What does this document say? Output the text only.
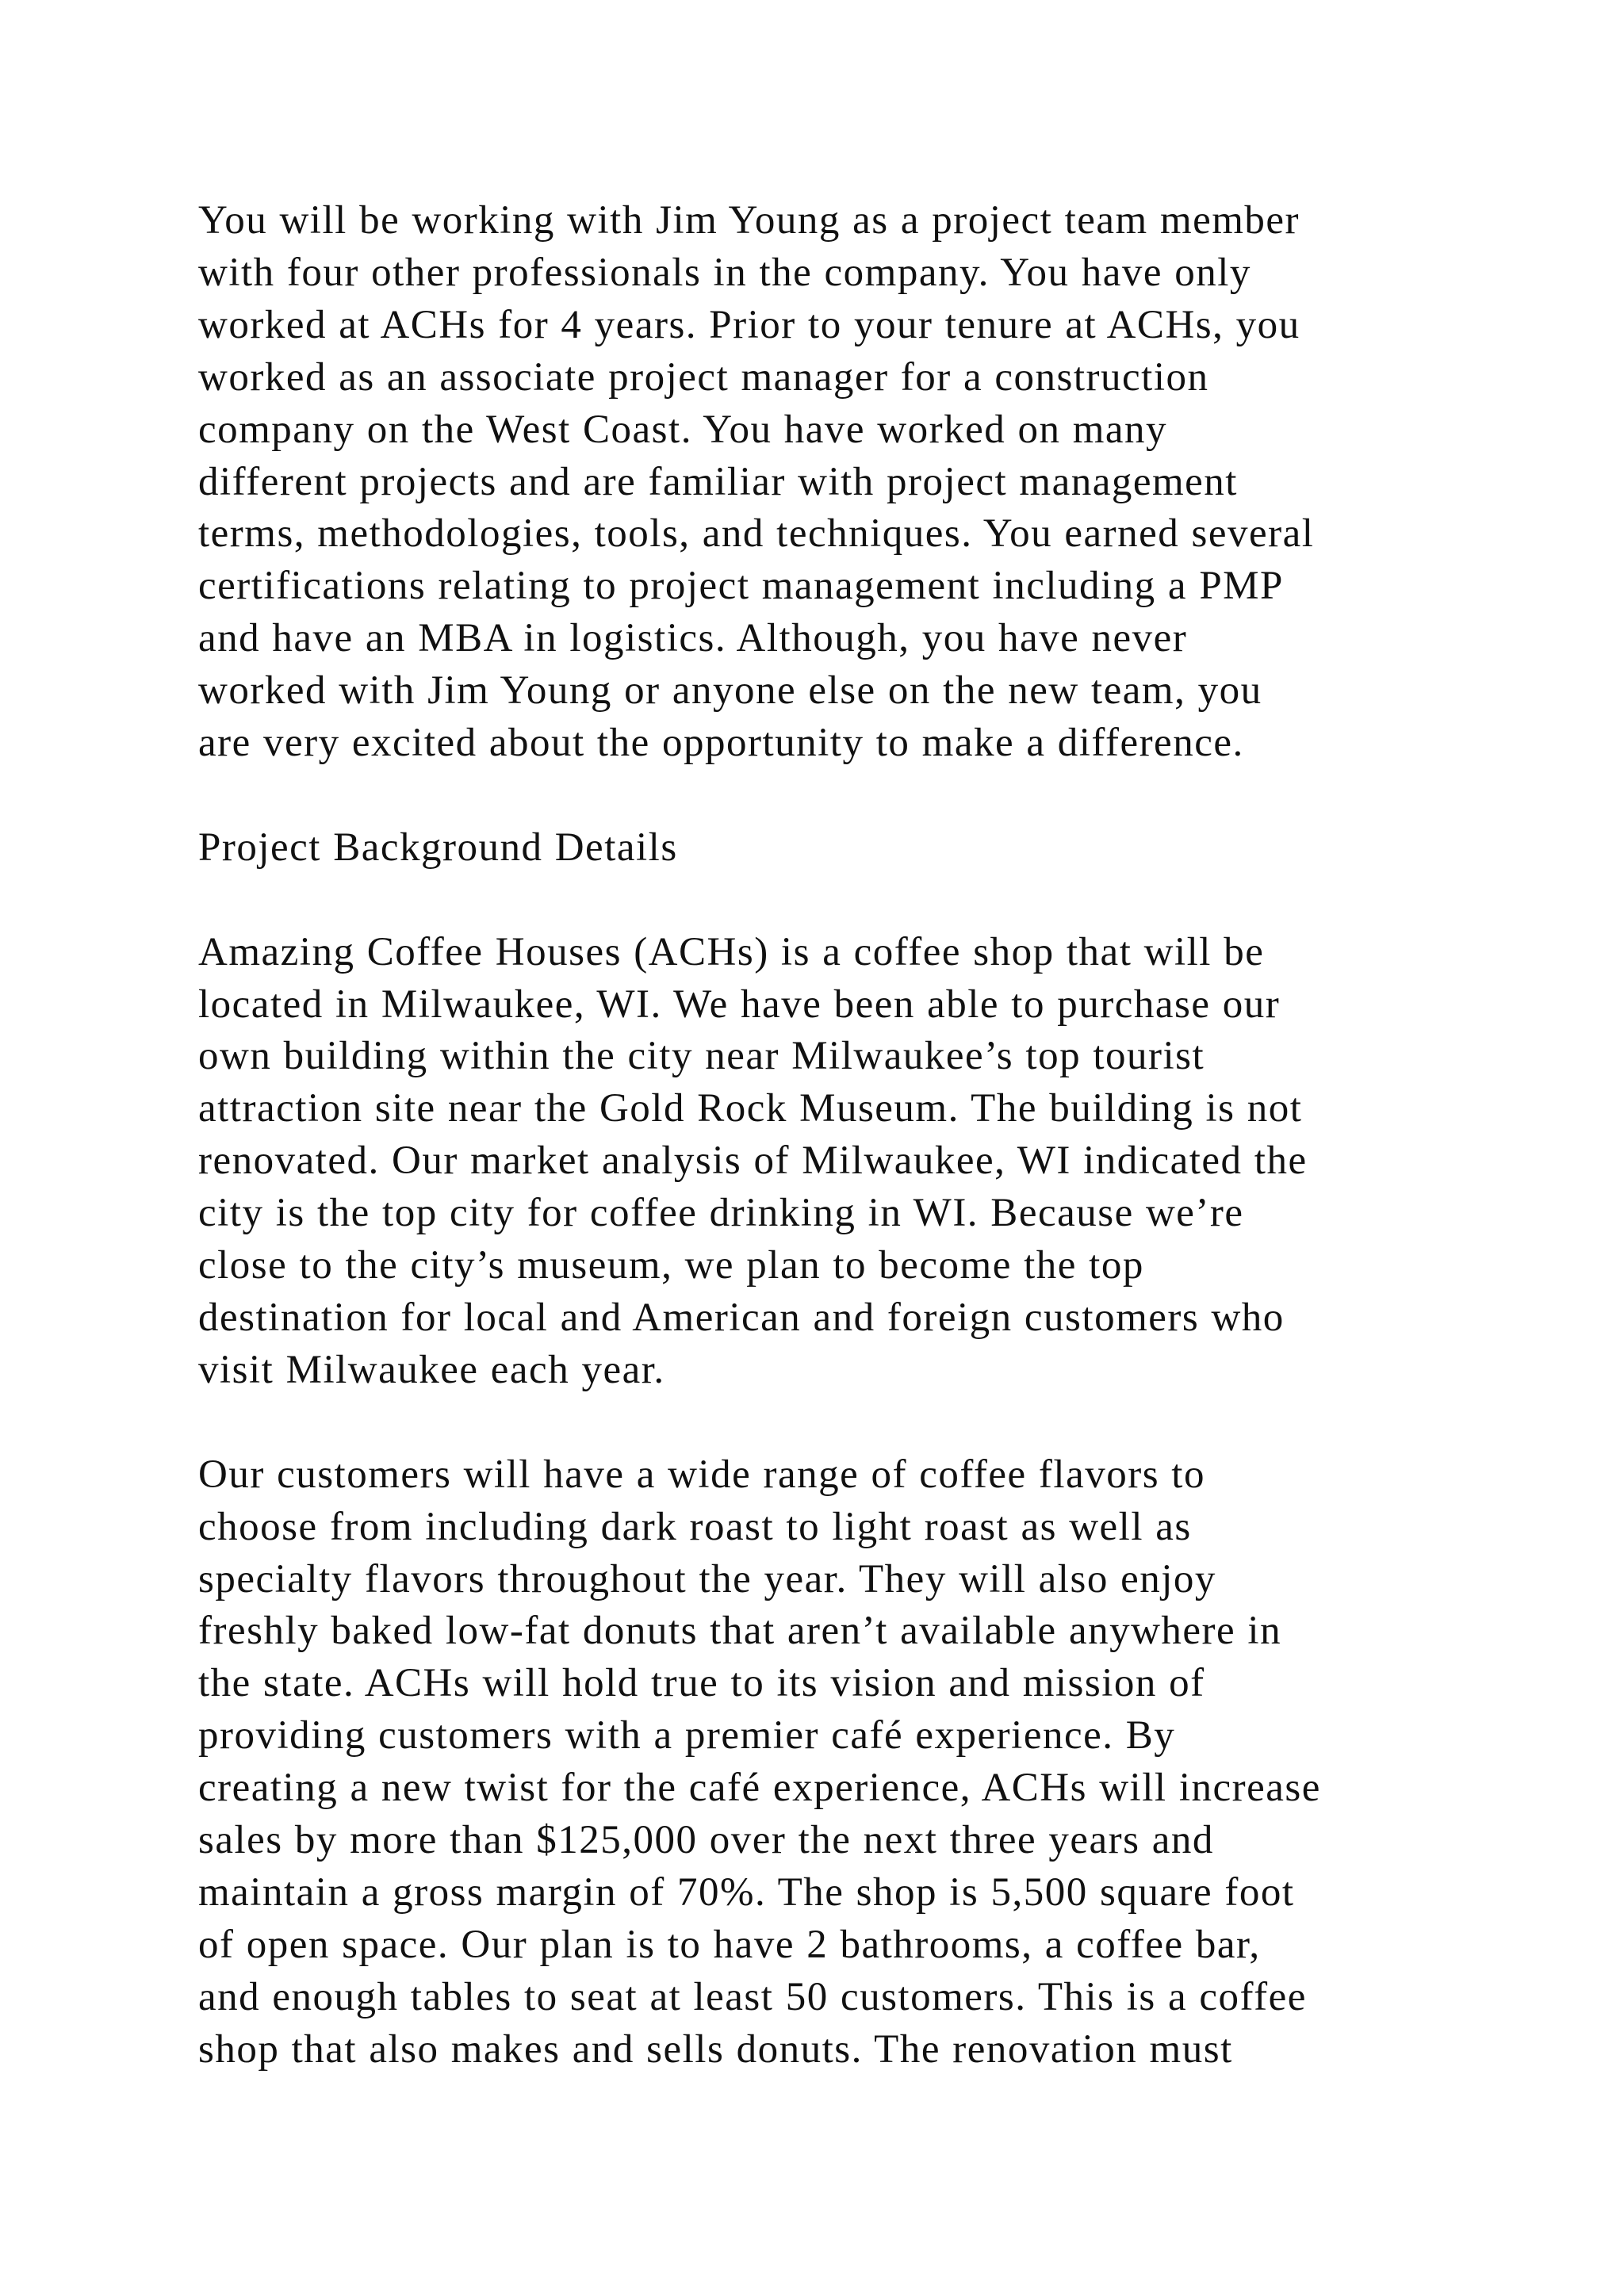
You will be working with Jim Young as a project team member
with four other professionals in the company. You have only
worked at ACHs for 4 years. Prior to your tenure at ACHs, you
worked as an associate project manager for a construction
company on the West Coast. You have worked on many
different projects and are familiar with project management
terms, methodologies, tools, and techniques. You earned several
certifications relating to project management including a PMP
and have an MBA in logistics. Although, you have never
worked with Jim Young or anyone else on the new team, you
are very excited about the opportunity to make a difference.

Project Background Details

Amazing Coffee Houses (ACHs) is a coffee shop that will be
located in Milwaukee, WI. We have been able to purchase our
own building within the city near Milwaukee’s top tourist
attraction site near the Gold Rock Museum. The building is not
renovated. Our market analysis of Milwaukee, WI indicated the
city is the top city for coffee drinking in WI. Because we’re
close to the city’s museum, we plan to become the top
destination for local and American and foreign customers who
visit Milwaukee each year.

Our customers will have a wide range of coffee flavors to
choose from including dark roast to light roast as well as
specialty flavors throughout the year. They will also enjoy
freshly baked low-fat donuts that aren’t available anywhere in
the state. ACHs will hold true to its vision and mission of
providing customers with a premier café experience. By
creating a new twist for the café experience, ACHs will increase
sales by more than $125,000 over the next three years and
maintain a gross margin of 70%. The shop is 5,500 square foot
of open space. Our plan is to have 2 bathrooms, a coffee bar,
and enough tables to seat at least 50 customers. This is a coffee
shop that also makes and sells donuts. The renovation must
